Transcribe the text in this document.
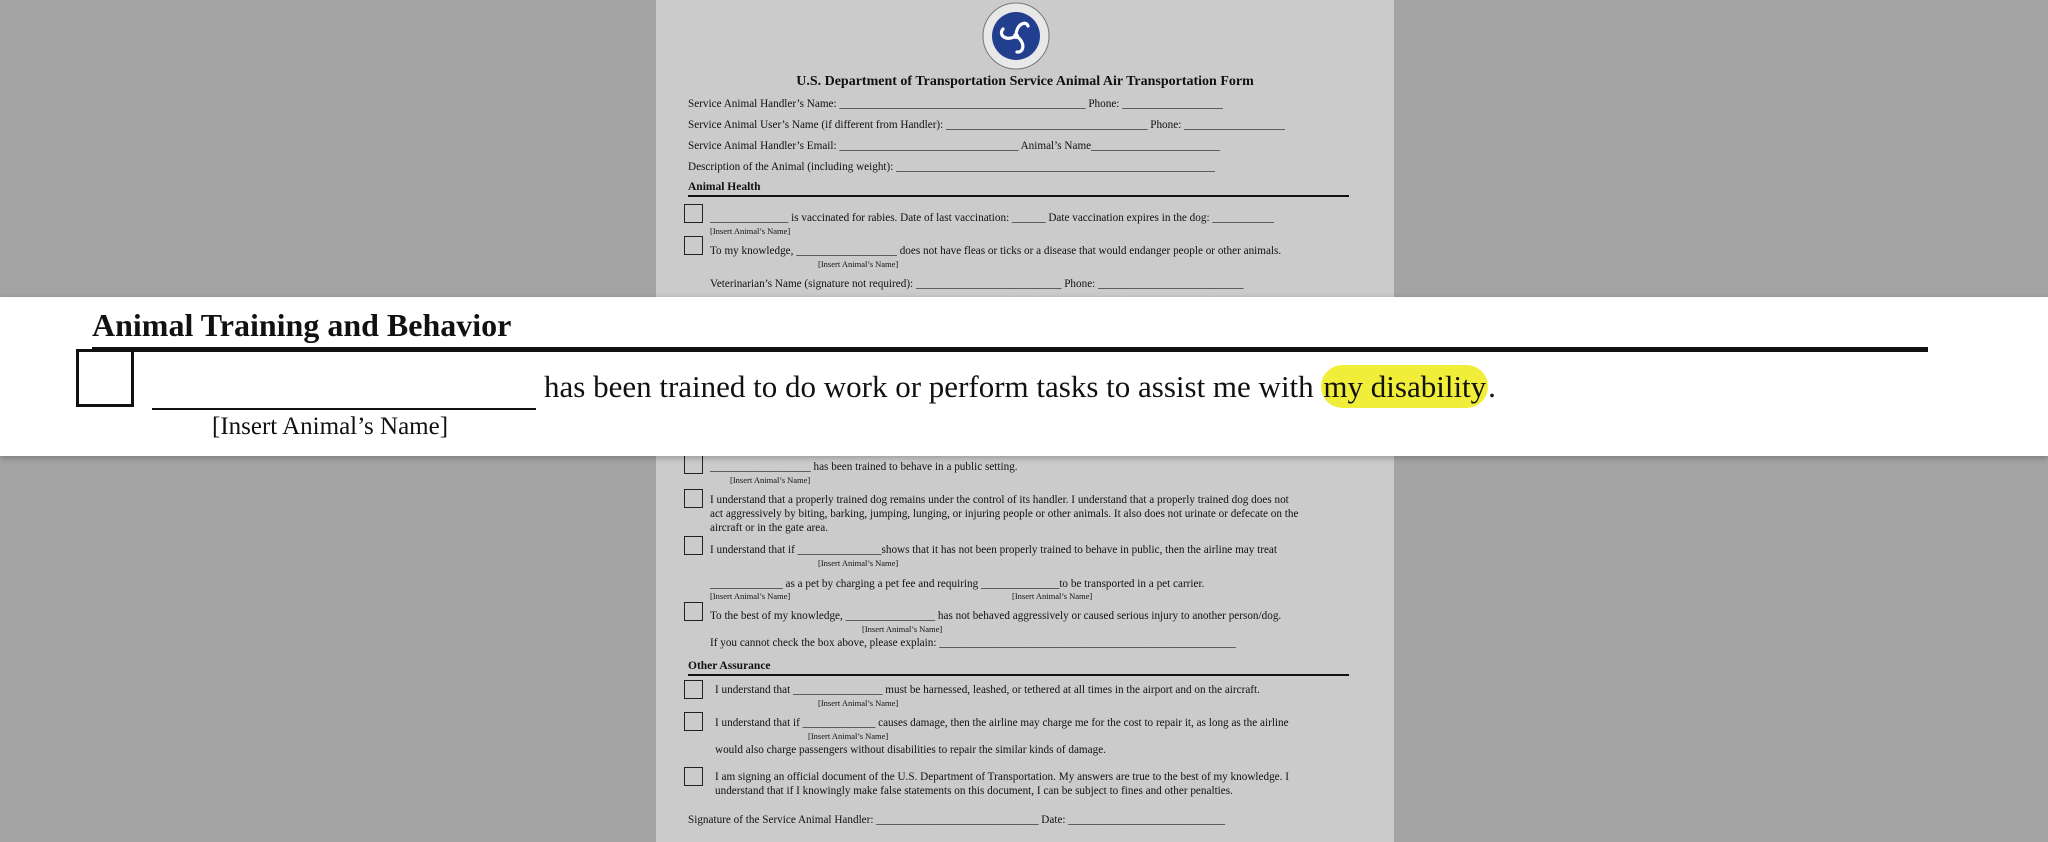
U.S. Department of Transportation Service Animal Air Transportation Form
Service Animal Handler’s Name: ____________________________________________ Phone: __________________
Service Animal User’s Name (if different from Handler): ____________________________________ Phone: __________________
Service Animal Handler’s Email: ________________________________ Animal’s Name_______________________
Description of the Animal (including weight): _________________________________________________________
Animal Health
______________ is vaccinated for rabies. Date of last vaccination: ______ Date vaccination expires in the dog: ___________
[Insert Animal’s Name]
To my knowledge, __________________ does not have fleas or ticks or a disease that would endanger people or other animals.
[Insert Animal’s Name]
Veterinarian’s Name (signature not required): __________________________ Phone: __________________________
__________________ has been trained to behave in a public setting.
[Insert Animal’s Name]
I understand that a properly trained dog remains under the control of its handler. I understand that a properly trained dog does not
act aggressively by biting, barking, jumping, lunging, or injuring people or other animals. It also does not urinate or defecate on the
aircraft or in the gate area.
I understand that if _______________shows that it has not been properly trained to behave in public, then the airline may treat
[Insert Animal’s Name]
_____________ as a pet by charging a pet fee and requiring ______________to be transported in a pet carrier.
[Insert Animal’s Name]	[Insert Animal’s Name]
To the best of my knowledge, ________________ has not behaved aggressively or caused serious injury to another person/dog.
[Insert Animal’s Name]
If you cannot check the box above, please explain: _____________________________________________________
Other Assurance
I understand that ________________ must be harnessed, leashed, or tethered at all times in the airport and on the aircraft.
[Insert Animal’s Name]
I understand that if _____________ causes damage, then the airline may charge me for the cost to repair it, as long as the airline
[Insert Animal’s Name]
would also charge passengers without disabilities to repair the similar kinds of damage.
I am signing an official document of the U.S. Department of Transportation. My answers are true to the best of my knowledge. I
understand that if I knowingly make false statements on this document, I can be subject to fines and other penalties.
Signature of the Service Animal Handler: _____________________________ Date: ____________________________
Animal Training and Behavior
has been trained to do work or perform tasks to assist me with my disability.
[Insert Animal’s Name]
